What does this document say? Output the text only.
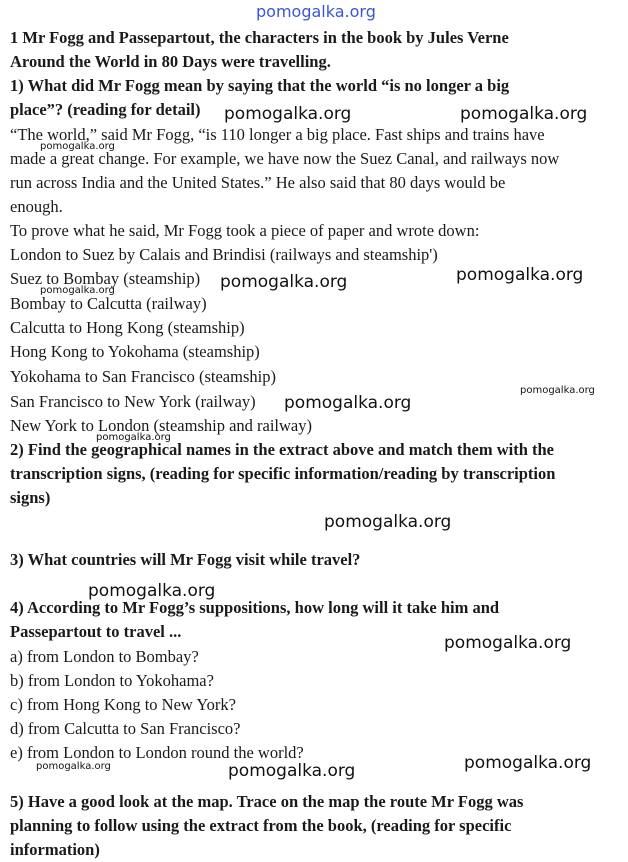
1 Mr Fogg and Passepartout, the characters in the book by Jules Verne
Around the World in 80 Days were travelling.
1) What did Mr Fogg mean by saying that the world “is no longer a big
place”? (reading for detail)
“The world,” said Mr Fogg, “is 110 longer a big place. Fast ships and trains have
made a great change. For example, we have now the Suez Canal, and railways now
run across India and the United States.” He also said that 80 days would be
enough.
To prove what he said, Mr Fogg took a piece of paper and wrote down:
London to Suez by Calais and Brindisi (railways and steamship')
Suez to Bombay (steamship)
Bombay to Calcutta (railway)
Calcutta to Hong Kong (steamship)
Hong Kong to Yokohama (steamship)
Yokohama to San Francisco (steamship)
San Francisco to New York (railway)
New York to London (steamship and railway)
2) Find the geographical names in the extract above and match them with the
transcription signs, (reading for specific information/reading by transcription
signs)
3) What countries will Mr Fogg visit while travel?
4) According to Mr Fogg’s suppositions, how long will it take him and
Passepartout to travel ...
a) from London to Bombay?
b) from London to Yokohama?
c) from Hong Kong to New York?
d) from Calcutta to San Francisco?
e) from London to London round the world?
5) Have a good look at the map. Trace on the map the route Mr Fogg was
planning to follow using the extract from the book, (reading for specific
information)
pomogalka.org
pomogalka.org	pomogalka.org
pomogalka.org
pomogalka.org
pomogalka.org	pomogalka.org
pomogalka.org
pomogalka.org
pomogalka.org
pomogalka.org
pomogalka.org
pomogalka.org
pomogalka.org	pomogalka.org	pomogalka.org
